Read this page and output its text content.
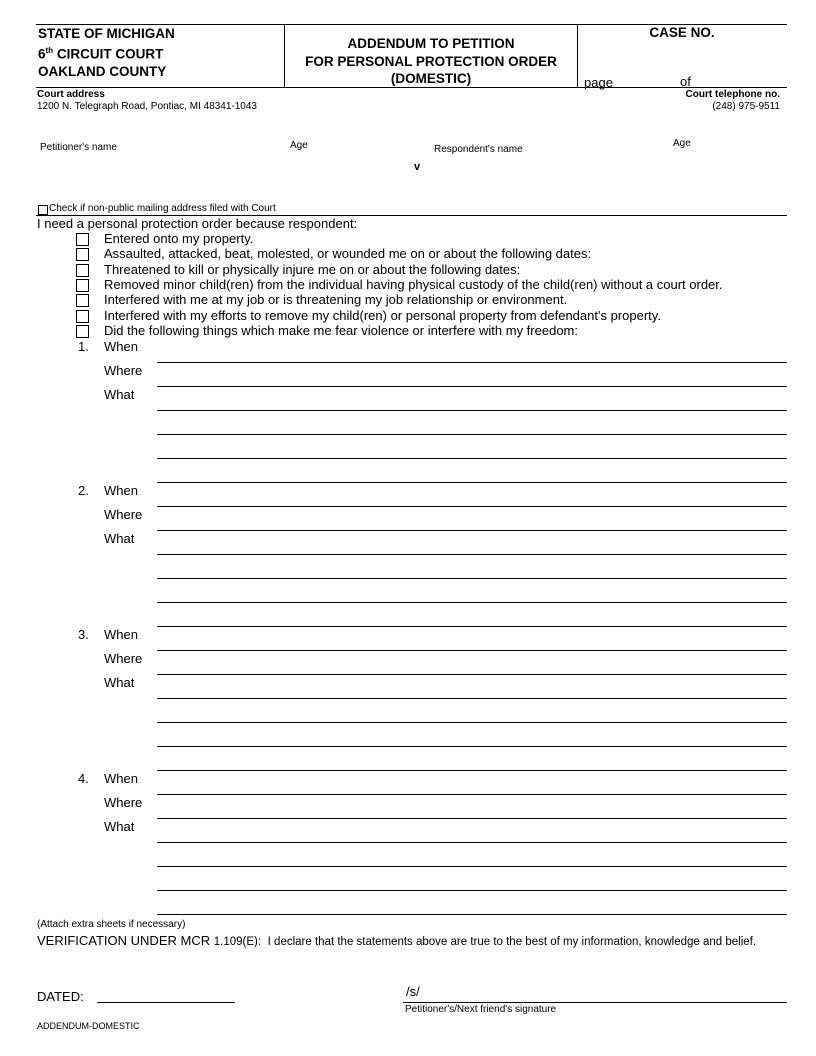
STATE OF MICHIGAN
6th CIRCUIT COURT
OAKLAND COUNTY
ADDENDUM TO PETITION
FOR PERSONAL PROTECTION ORDER
(DOMESTIC)
CASE NO.
page	of
Court address
1200 N. Telegraph Road, Pontiac, MI 48341-1043
Court telephone no.
(248) 975-9511
Petitioner's name	Age	Respondent's name
Age
v
Check if non-public mailing address filed with Court
I need a personal protection order because respondent:
Entered onto my property.
Assaulted, attacked, beat, molested, or wounded me on or about the following dates:
Threatened to kill or physically injure me on or about the following dates:
Removed minor child(ren) from the individual having physical custody of the child(ren) without a court order.
Interfered with me at my job or is threatening my job relationship or environment.
Interfered with my efforts to remove my child(ren) or personal property from defendant's property.
Did the following things which make me fear violence or interfere with my freedom:
1. When
Where
What
2. When
Where
What
3. When
Where
What
4. When
Where
What
(Attach extra sheets if necessary)
VERIFICATION UNDER MCR 1.109(E): I declare that the statements above are true to the best of my information, knowledge and belief.
DATED:	/s/
Petitioner's/Next friend's signature
ADDENDUM-DOMESTIC
